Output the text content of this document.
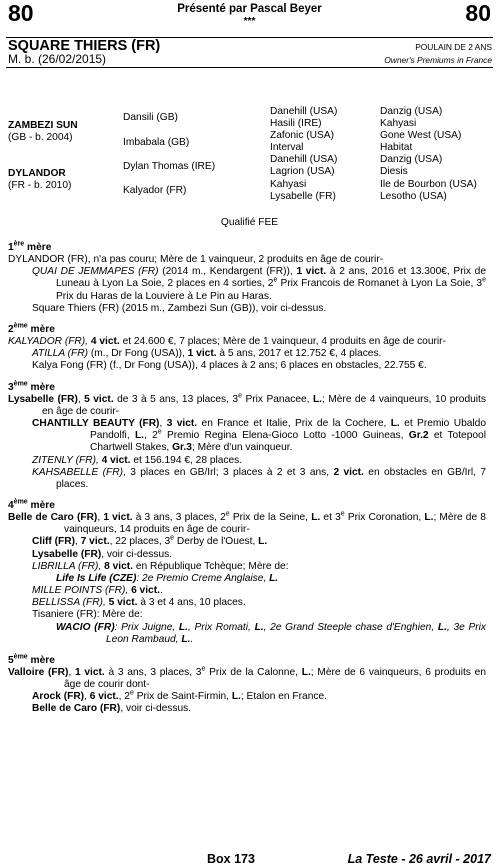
80	80
Présenté par Pascal Beyer
***
SQUARE THIERS (FR)
M. b. (26/02/2015)
POULAIN DE 2 ANS
Owner's Premiums in France
ZAMBEZI SUN
(GB - b. 2004)
DYLANDOR
(FR - b. 2010)
Dansili (GB)
Imbabala (GB)
Dylan Thomas (IRE)
Kalyador (FR)
Danehill (USA)
Hasili (IRE)
Zafonic (USA)
Interval
Danehill (USA)
Lagrion (USA)
Kahyasi
Lysabelle (FR)
Danzig (USA)
Kahyasi
Gone West (USA)
Habitat
Danzig (USA)
Diesis
Ile de Bourbon (USA)
Lesotho (USA)
Qualifié FEE

1ère mère

DYLANDOR (FR), n'a pas couru; Mère de 1 vainqueur, 2 produits en âge de courir-

QUAI DE JEMMAPES (FR) (2014 m., Kendargent (FR)), 1 vict. à 2 ans, 2016 et 13.300€, Prix de Luneau à Lyon La Soie, 2 places en 4 sorties, 2e Prix Francois de Romanet à Lyon La Soie, 3e Prix du Haras de la Louviere à Le Pin au Haras.

Square Thiers (FR) (2015 m., Zambezi Sun (GB)), voir ci-dessus.

2ème mère

KALYADOR (FR), 4 vict. et 24.600 €, 7 places; Mère de 1 vainqueur, 4 produits en âge de courir-

ATILLA (FR) (m., Dr Fong (USA)), 1 vict. à 5 ans, 2017 et 12.752 €, 4 places.

Kalya Fong (FR) (f., Dr Fong (USA)), 4 places à 2 ans; 6 places en obstacles, 22.755 €.

3ème mère

Lysabelle (FR), 5 vict. de 3 à 5 ans, 13 places, 3e Prix Panacee, L.; Mère de 4 vainqueurs, 10 produits en âge de courir-

CHANTILLY BEAUTY (FR), 3 vict. en France et Italie, Prix de la Cochere, L. et Premio Ubaldo Pandolfi, L., 2e Premio Regina Elena-Gioco Lotto -1000 Guineas, Gr.2 et Totepool Chartwell Stakes, Gr.3; Mère d'un vainqueur.

ZITENLY (FR), 4 vict. et 156.194 €, 28 places.

KAHSABELLE (FR), 3 places en GB/Irl; 3 places à 2 et 3 ans, 2 vict. en obstacles en GB/Irl, 7 places.

4ème mère

Belle de Caro (FR), 1 vict. à 3 ans, 3 places, 2e Prix de la Seine, L. et 3e Prix Coronation, L.; Mère de 8 vainqueurs, 14 produits en âge de courir-

Cliff (FR), 7 vict., 22 places, 3e Derby de l'Ouest, L.

Lysabelle (FR), voir ci-dessus.

LIBRILLA (FR), 8 vict. en République Tchèque; Mère de:

Life Is Life (CZE): 2e Premio Creme Anglaise, L.

MILLE POINTS (FR), 6 vict..

BELLISSA (FR), 5 vict. à 3 et 4 ans, 10 places.

Tisaniere (FR): Mère de:

WACIO (FR): Prix Juigne, L., Prix Romati, L., 2e Grand Steeple chase d'Enghien, L., 3e Prix Leon Rambaud, L..

5ème mère

Valloire (FR), 1 vict. à 3 ans, 3 places, 3e Prix de la Calonne, L.; Mère de 6 vainqueurs, 6 produits en âge de courir dont-

Arock (FR), 6 vict., 2e Prix de Saint-Firmin, L.; Etalon en France.

Belle de Caro (FR), voir ci-dessus.

Box 173	La Teste - 26 avril - 2017
